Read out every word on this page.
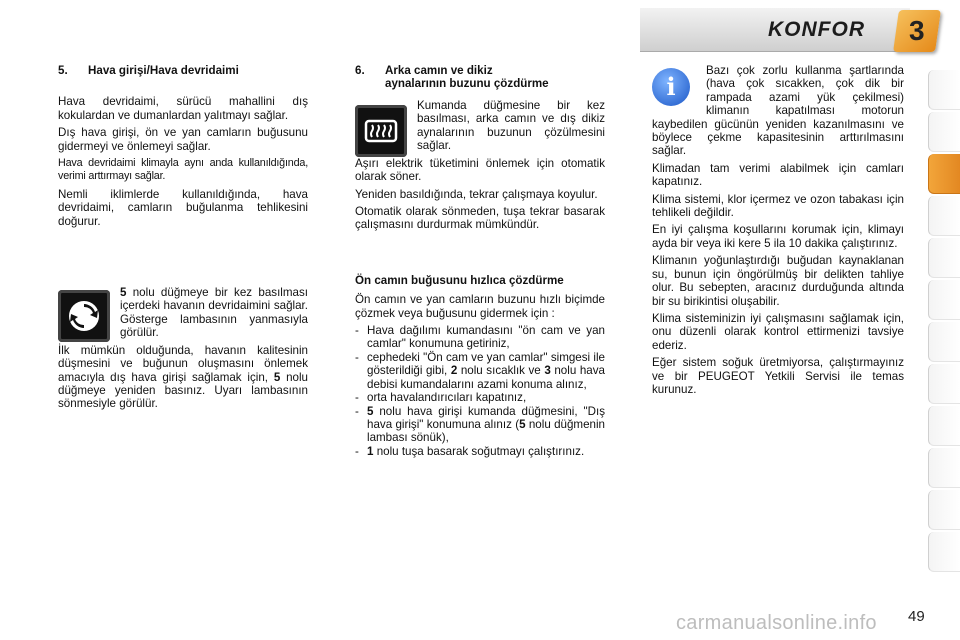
KONFOR 3
5. Hava girişi/Hava devridaimi

Hava devridaimi, sürücü mahallini dış kokulardan ve dumanlardan yalıtmayı sağlar.

Dış hava girişi, ön ve yan camların buğusunu gidermeyi ve önlemeyi sağlar.

Hava devridaimi klimayla aynı anda kullanıldığında, verimi arttırmayı sağlar.

Nemli iklimlerde kullanıldığında, hava devridaimi, camların buğulanma tehlikesini doğurur.

5 nolu düğmeye bir kez basılması içerdeki havanın devridaimini sağlar. Gösterge lambasının yanmasıyla görülür.

İlk mümkün olduğunda, havanın kalitesinin düşmesini ve buğunun oluşmasını önlemek amacıyla dış hava girişi sağlamak için, 5 nolu düğmeye yeniden basınız. Uyarı lambasının sönmesiyle görülür.

6. Arka camın ve dikiz
aynalarının buzunu çözdürme

Kumanda düğmesine bir kez basılması, arka camın ve dış dikiz aynalarının buzunun çözülmesini sağlar.

Aşırı elektrik tüketimini önlemek için otomatik olarak söner.

Yeniden basıldığında, tekrar çalışmaya koyulur.

Otomatik olarak sönmeden, tuşa tekrar basarak çalışmasını durdurmak mümkündür.

Ön camın buğusunu hızlıca çözdürme

Ön camın ve yan camların buzunu hızlı biçimde çözmek veya buğusunu gidermek için :

- Hava dağılımı kumandasını "ön cam ve yan camlar" konumuna getiriniz,
- cephedeki "Ön cam ve yan camlar" simgesi ile gösterildiği gibi, 2 nolu sıcaklık ve 3 nolu hava debisi kumandalarını azami konuma alınız,
- orta havalandırıcıları kapatınız,
- 5 nolu hava girişi kumanda düğmesini, "Dış hava girişi" konumuna alınız (5 nolu düğmenin lambası sönük),
- 1 nolu tuşa basarak soğutmayı çalıştırınız.
i

Bazı çok zorlu kullanma şartlarında (hava çok sıcakken, çok dik bir rampada azami yük çekilmesi) klimanın kapatılması motorun kaybedilen gücünün yeniden kazanılmasını ve böylece çekme kapasitesinin arttırılmasını sağlar.

Klimadan tam verimi alabilmek için camları kapatınız.

Klima sistemi, klor içermez ve ozon tabakası için tehlikeli değildir.

En iyi çalışma koşullarını korumak için, klimayı ayda bir veya iki kere 5 ila 10 dakika çalıştırınız.

Klimanın yoğunlaştırdığı buğudan kaynaklanan su, bunun için öngörülmüş bir delikten tahliye olur. Bu sebepten, aracınız durduğunda altında bir su birikintisi oluşabilir.

Klima sisteminizin iyi çalışmasını sağlamak için, onu düzenli olarak kontrol ettirmenizi tavsiye ederiz.

Eğer sistem soğuk üretmiyorsa, çalıştırmayınız ve bir PEUGEOT Yetkili Servisi ile temas kurunuz.

carmanualsonline.info 49
